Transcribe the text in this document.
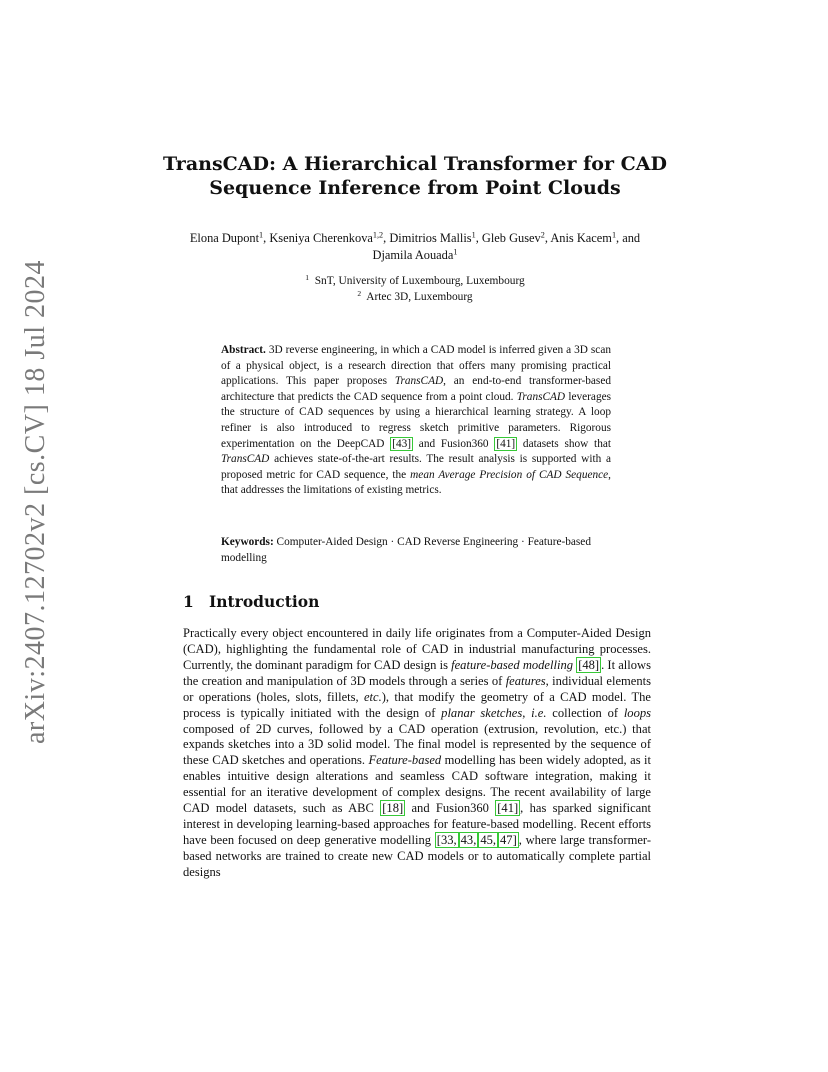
arXiv:2407.12702v2 [cs.CV] 18 Jul 2024
TransCAD: A Hierarchical Transformer for CAD
Sequence Inference from Point Clouds
Elona Dupont$^1$, Kseniya Cherenkova$^{1,2}$, Dimitrios Mallis$^1$, Gleb Gusev$^2$, Anis Kacem$^1$, and Djamila Aouada$^1$
$^1$ SnT, University of Luxembourg, Luxembourg
$^2$ Artec 3D, Luxembourg
Abstract. 3D reverse engineering, in which a CAD model is inferred given a 3D scan of a physical object, is a research direction that offers many promising practical applications. This paper proposes TransCAD, an end-to-end transformer-based architecture that predicts the CAD sequence from a point cloud. TransCAD leverages the structure of CAD sequences by using a hierarchical learning strategy. A loop refiner is also introduced to regress sketch primitive parameters. Rigorous experimentation on the DeepCAD [43] and Fusion360 [41] datasets show that TransCAD achieves state-of-the-art results. The result analysis is supported with a proposed metric for CAD sequence, the mean Average Precision of CAD Sequence, that addresses the limitations of existing metrics.
Keywords: Computer-Aided Design · CAD Reverse Engineering · Feature-based modelling
1 Introduction
Practically every object encountered in daily life originates from a Computer-Aided Design (CAD), highlighting the fundamental role of CAD in industrial manufacturing processes. Currently, the dominant paradigm for CAD design is feature-based modelling [48] . It allows the creation and manipulation of 3D models through a series of features, individual elements or operations (holes, slots, fillets, etc.), that modify the geometry of a CAD model. The process is typically initiated with the design of planar sketches, i.e. collection of loops composed of 2D curves, followed by a CAD operation (extrusion, revolution, etc.) that expands sketches into a 3D solid model. The final model is represented by the sequence of these CAD sketches and operations. Feature-based modelling has been widely adopted, as it enables intuitive design alterations and seamless CAD software integration, making it essential for an iterative development of complex designs. The recent availability of large CAD model datasets, such as ABC [18] and Fusion360 [41] , has sparked significant interest in developing learning-based approaches for feature-based modelling. Recent efforts have been focused on deep generative modelling [33, 43, 45, 47] , where large transformer-based networks are trained to create new CAD models or to automatically complete partial designs
